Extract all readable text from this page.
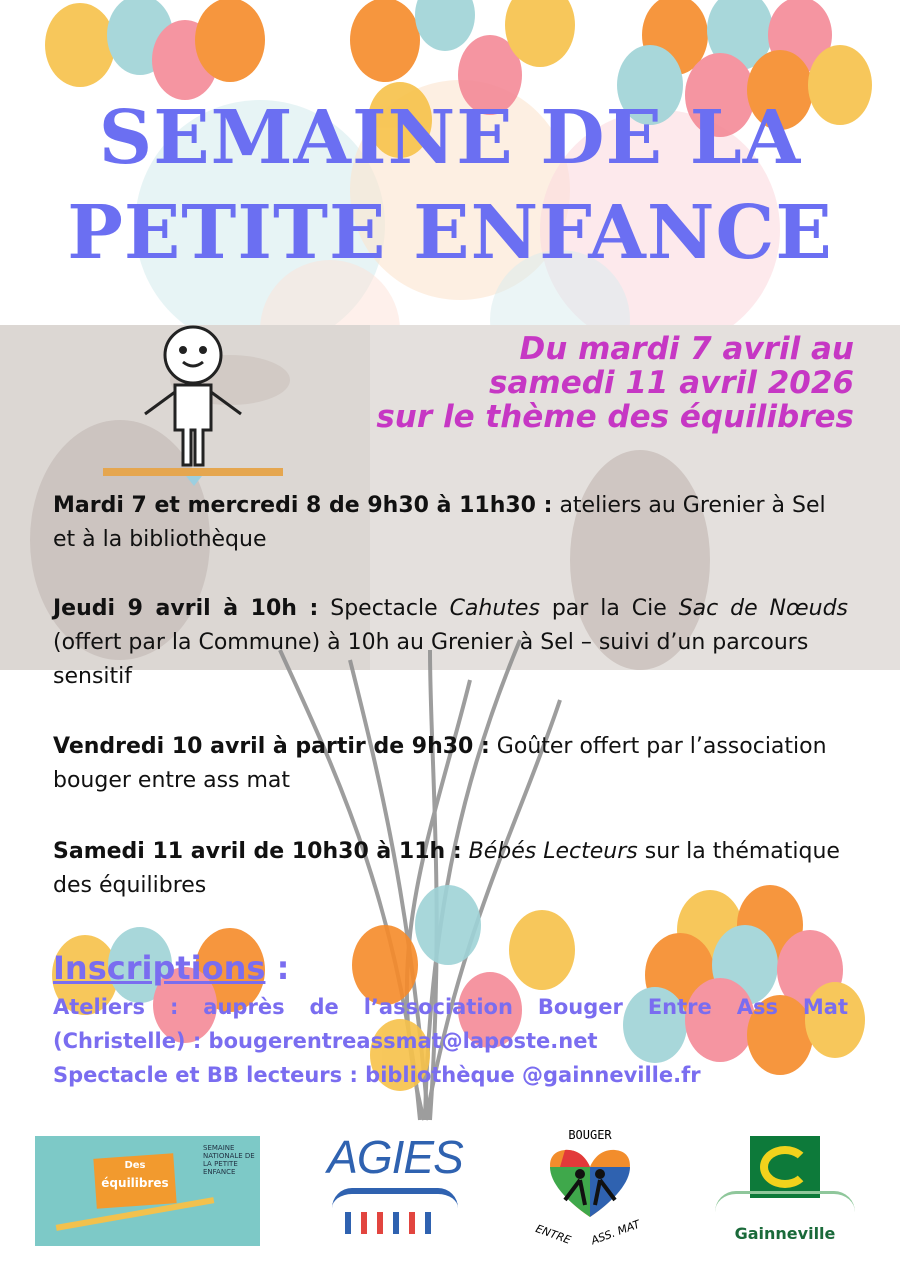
SEMAINE DE LA
PETITE ENFANCE
Du mardi 7 avril au
samedi 11 avril 2026
sur le thème des équilibres
Mardi 7 et mercredi 8 de 9h30 à 11h30 : ateliers au Grenier à Sel
et à la bibliothèque
Jeudi 9 avril à 10h : Spectacle Cahutes par la Cie Sac de Nœuds
(offert par la Commune) à 10h au Grenier à Sel – suivi d’un parcours
sensitif
Vendredi 10 avril à partir de 9h30 : Goûter offert par l’association
bouger entre ass mat
Samedi 11 avril de 10h30 à 11h : Bébés Lecteurs sur la thématique
des équilibres
Inscriptions :
Ateliers : auprès de l’association Bouger Entre Ass Mat
(Christelle) : bougerentreassmat@laposte.net
Spectacle et BB lecteurs : bibliothèque @gainneville.fr
Des
équilibres
SEMAINE NATIONALE DE LA PETITE ENFANCE	AGIES	BOUGER
ENTRE ASS. MAT	Gainneville
